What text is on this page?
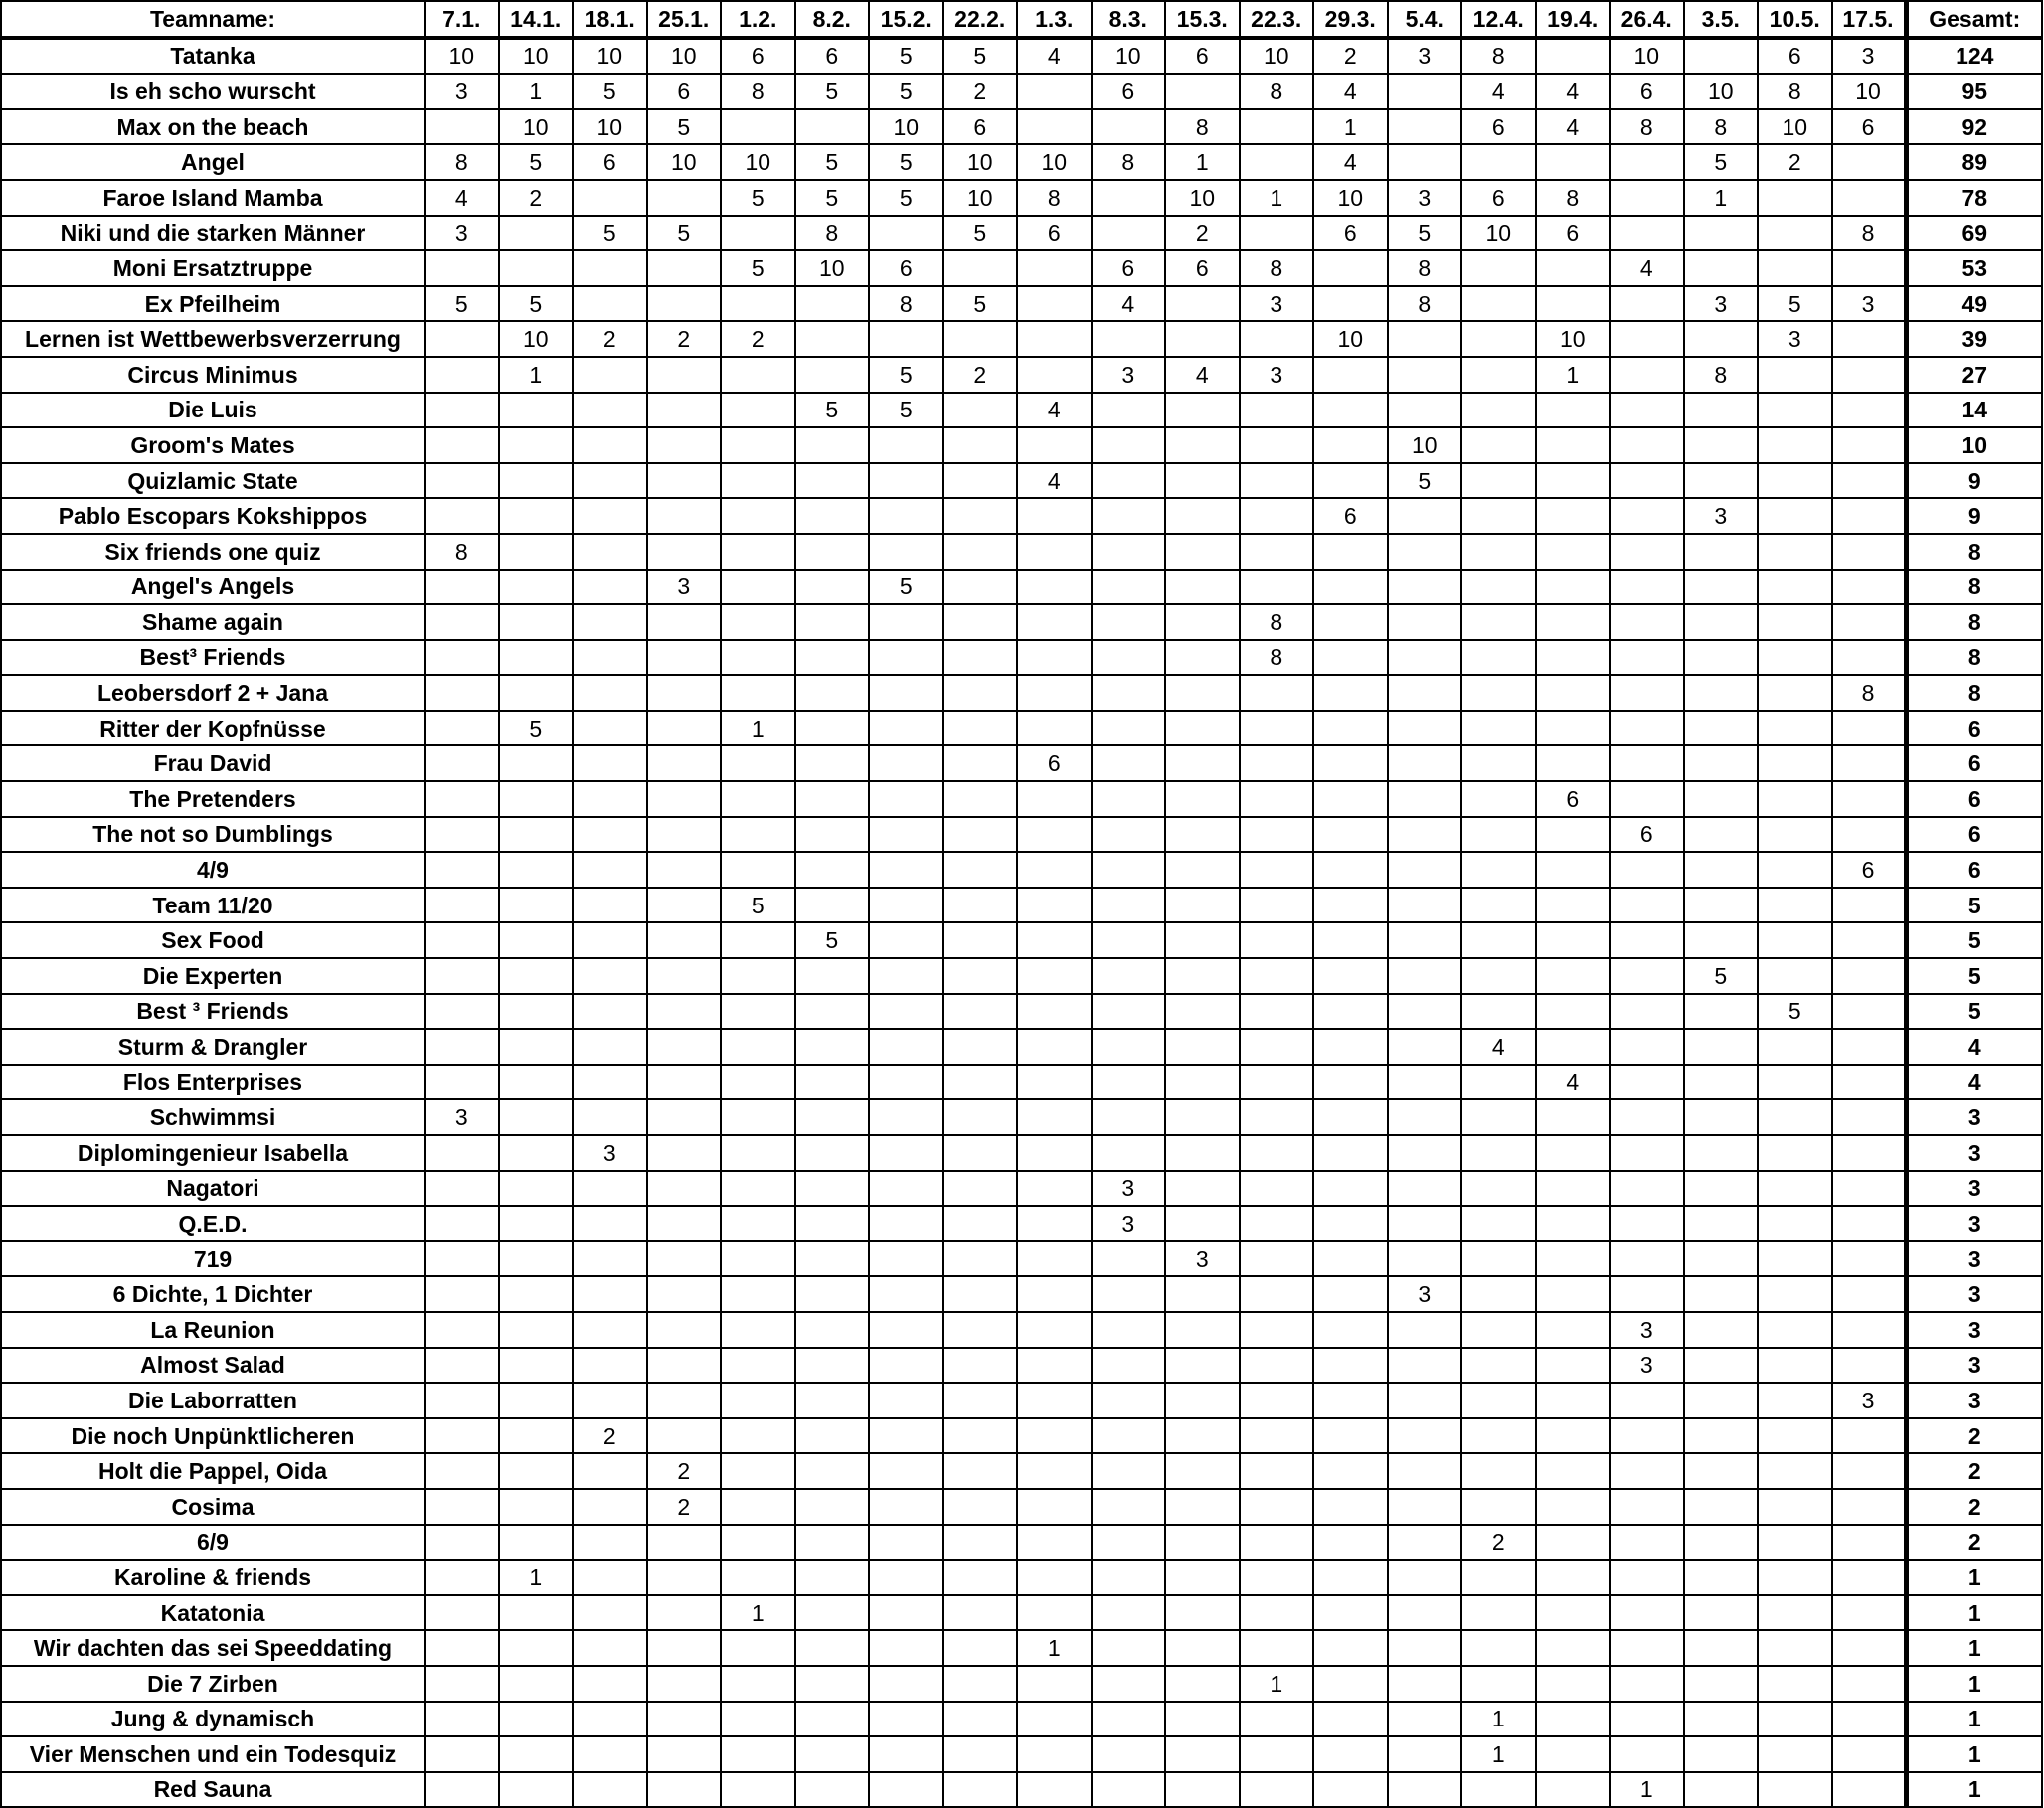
Teamname:	7.1.	14.1.	18.1.	25.1.	1.2.	8.2.	15.2.	22.2.	1.3.	8.3.	15.3.	22.3.	29.3.	5.4.	12.4.	19.4.	26.4.	3.5.	10.5.	17.5.	Gesamt:
Tatanka	10	10	10	10	6	6	5	5	4	10	6	10	2	3	8		10		6	3	124
Is eh scho wurscht	3	1	5	6	8	5	5	2		6		8	4		4	4	6	10	8	10	95
Max on the beach		10	10	5			10	6			8		1		6	4	8	8	10	6	92
Angel	8	5	6	10	10	5	5	10	10	8	1		4					5	2		89
Faroe Island Mamba	4	2			5	5	5	10	8		10	1	10	3	6	8		1			78
Niki und die starken Männer	3		5	5		8		5	6		2		6	5	10	6				8	69
Moni Ersatztruppe					5	10	6			6	6	8		8			4				53
Ex Pfeilheim	5	5					8	5		4		3		8				3	5	3	49
Lernen ist Wettbewerbsverzerrung		10	2	2	2								10			10			3		39
Circus Minimus		1					5	2		3	4	3				1		8			27
Die Luis						5	5		4												14
Groom's Mates														10							10
Quizlamic State									4					5							9
Pablo Escopars Kokshippos													6					3			9
Six friends one quiz	8																				8
Angel's Angels				3			5														8
Shame again												8									8
Best³ Friends												8									8
Leobersdorf 2 + Jana																				8	8
Ritter der Kopfnüsse		5			1																6
Frau David									6												6
The Pretenders																6					6
The not so Dumblings																	6				6
4/9																				6	6
Team 11/20					5																5
Sex Food						5															5
Die Experten																		5			5
Best ³ Friends																			5		5
Sturm & Drangler															4						4
Flos Enterprises																4					4
Schwimmsi	3																				3
Diplomingenieur Isabella			3																		3
Nagatori										3											3
Q.E.D.										3											3
719											3										3
6 Dichte, 1 Dichter														3							3
La Reunion																	3				3
Almost Salad																	3				3
Die Laborratten																				3	3
Die noch Unpünktlicheren			2																		2
Holt die Pappel, Oida				2																	2
Cosima				2																	2
6/9															2						2
Karoline & friends		1																			1
Katatonia					1																1
Wir dachten das sei Speeddating									1												1
Die 7 Zirben												1									1
Jung & dynamisch															1						1
Vier Menschen und ein Todesquiz															1						1
Red Sauna																	1				1
